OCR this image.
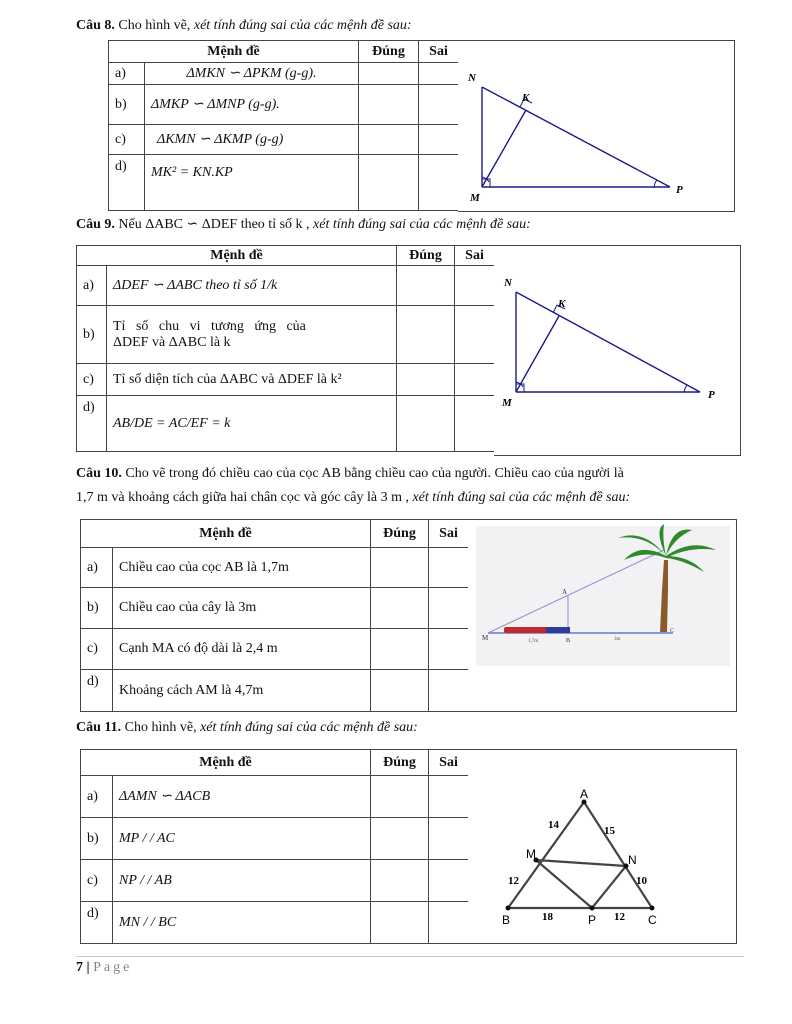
Câu 8. Cho hình vẽ, xét tính đúng sai của các mệnh đề sau:
Mệnh đề		Đúng	Sai
a)	ΔMKN ∽ ΔPKM (g-g).		
b)	ΔMKP ∽ ΔMNP (g-g).		
c)	ΔKMN ∽ ΔKMP (g-g)		
d)	MK² = KN.KP		
N
K
M
P
Câu 9. Nếu ΔABC ∽ ΔDEF theo tỉ số k , xét tính đúng sai của các mệnh đề sau:
Mệnh đề		Đúng	Sai
a)	ΔDEF ∽ ΔABC theo tỉ số 1/k		
b)	Tỉ   số   chu   vi   tương   ứng   của
ΔDEF và ΔABC là k		

c)	Tỉ số diện tích của ΔABC và ΔDEF là k²		
d)	AB/DE = AC/EF = k		
N
K
M
P
Câu 10. Cho vẽ trong đó chiều cao của cọc AB bằng chiều cao của người. Chiều cao của người là
1,7 m và khoảng cách giữa hai chân cọc và góc cây là 3 m , xét tính đúng sai của các mệnh đề sau:
Mệnh đề		Đúng	Sai
a)	Chiều cao của cọc AB là 1,7m		
b)	Chiều cao của cây là 3m		
c)	Cạnh MA có độ dài là 2,4 m		
d)	Khoảng cách AM là 4,7m		
A
M	B
C
1,7m	3m
Câu 11. Cho hình vẽ, xét tính đúng sai của các mệnh đề sau:
Mệnh đề		Đúng	Sai
a)	ΔAMN ∽ ΔACB		
b)	MP / / AC		
c)	NP / / AB		
d)	MN / / BC		
A
M	N
B	P	C
14	15
12	10
18	12
7 | Page
